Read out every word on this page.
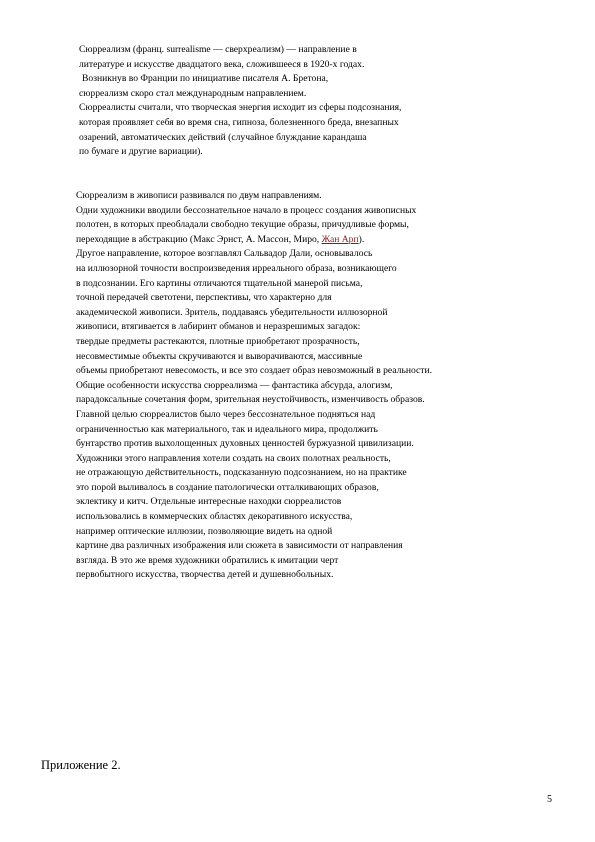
Сюрреализм (франц. surrealisme — сверхреализм) — направление в
литературе и искусстве двадцатого века, сложившееся в 1920-х годах.
Возникнув во Франции по инициативе писателя А. Бретона,
сюрреализм скоро стал международным направлением.
Сюрреалисты считали, что творческая энергия исходит из сферы подсознания,
которая проявляет себя во время сна, гипноза, болезненного бреда, внезапных
озарений, автоматических действий (случайное блуждание карандаша
по бумаге и другие вариации).
Сюрреализм в живописи развивался по двум направлениям.
Одни художники вводили бессознательное начало в процесс создания живописных
полотен, в которых преобладали свободно текущие образы, причудливые формы,
переходящие в абстракцию (Макс Эрнст, А. Массон, Миро, Жан Арп).
Другое направление, которое возглавлял Сальвадор Дали, основывалось
на иллюзорной точности воспроизведения ирреального образа, возникающего
в подсознании. Его картины отличаются тщательной манерой письма,
точной передачей светотени, перспективы, что характерно для
академической живописи. Зритель, поддаваясь убедительности иллюзорной
живописи, втягивается в лабиринт обманов и неразрешимых загадок:
твердые предметы растекаются, плотные приобретают прозрачность,
несовместимые объекты скручиваются и выворачиваются, массивные
объемы приобретают невесомость, и все это создает образ невозможный в реальности.
Общие особенности искусства сюрреализма — фантастика абсурда, алогизм,
парадоксальные сочетания форм, зрительная неустойчивость, изменчивость образов.
Главной целью сюрреалистов было через бессознательное подняться над
ограниченностью как материального, так и идеального мира, продолжить
бунтарство против выхолощенных духовных ценностей буржуазной цивилизации.
Художники этого направления хотели создать на своих полотнах реальность,
не отражающую действительность, подсказанную подсознанием, но на практике
это порой выливалось в создание патологически отталкивающих образов,
эклектику и китч. Отдельные интересные находки сюрреалистов
использовались в коммерческих областях декоративного искусства,
например оптические иллюзии, позволяющие видеть на одной
картине два различных изображения или сюжета в зависимости от направления
взгляда. В это же время художники обратились к имитации черт
первобытного искусства, творчества детей и душевнобольных.
Приложение 2.
5
